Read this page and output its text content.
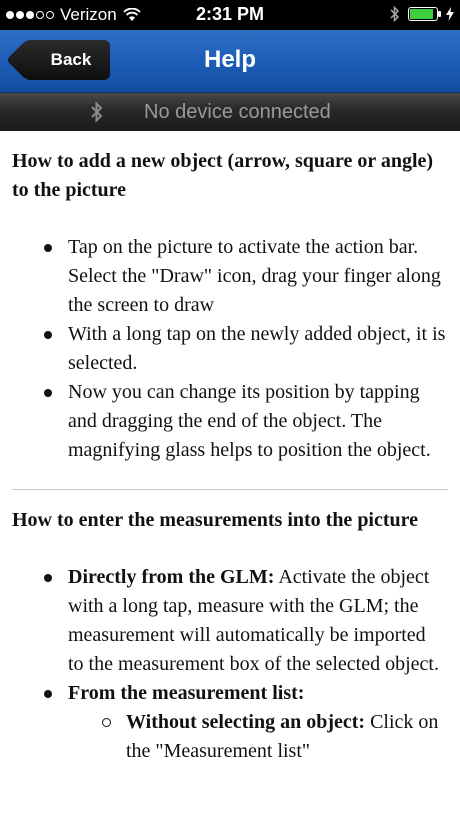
Verizon	2:31 PM
Back	Help
No device connected
How to add a new object (arrow, square or angle) to the picture
Tap on the picture to activate the action bar. Select the "Draw" icon, drag your finger along the screen to draw
With a long tap on the newly added object, it is selected.
Now you can change its position by tapping and dragging the end of the object. The magnifying glass helps to position the object.
How to enter the measurements into the picture
Directly from the GLM: Activate the object with a long tap, measure with the GLM; the measurement will automatically be imported to the measurement box of the selected object.
From the measurement list:
Without selecting an object: Click on the "Measurement list"
